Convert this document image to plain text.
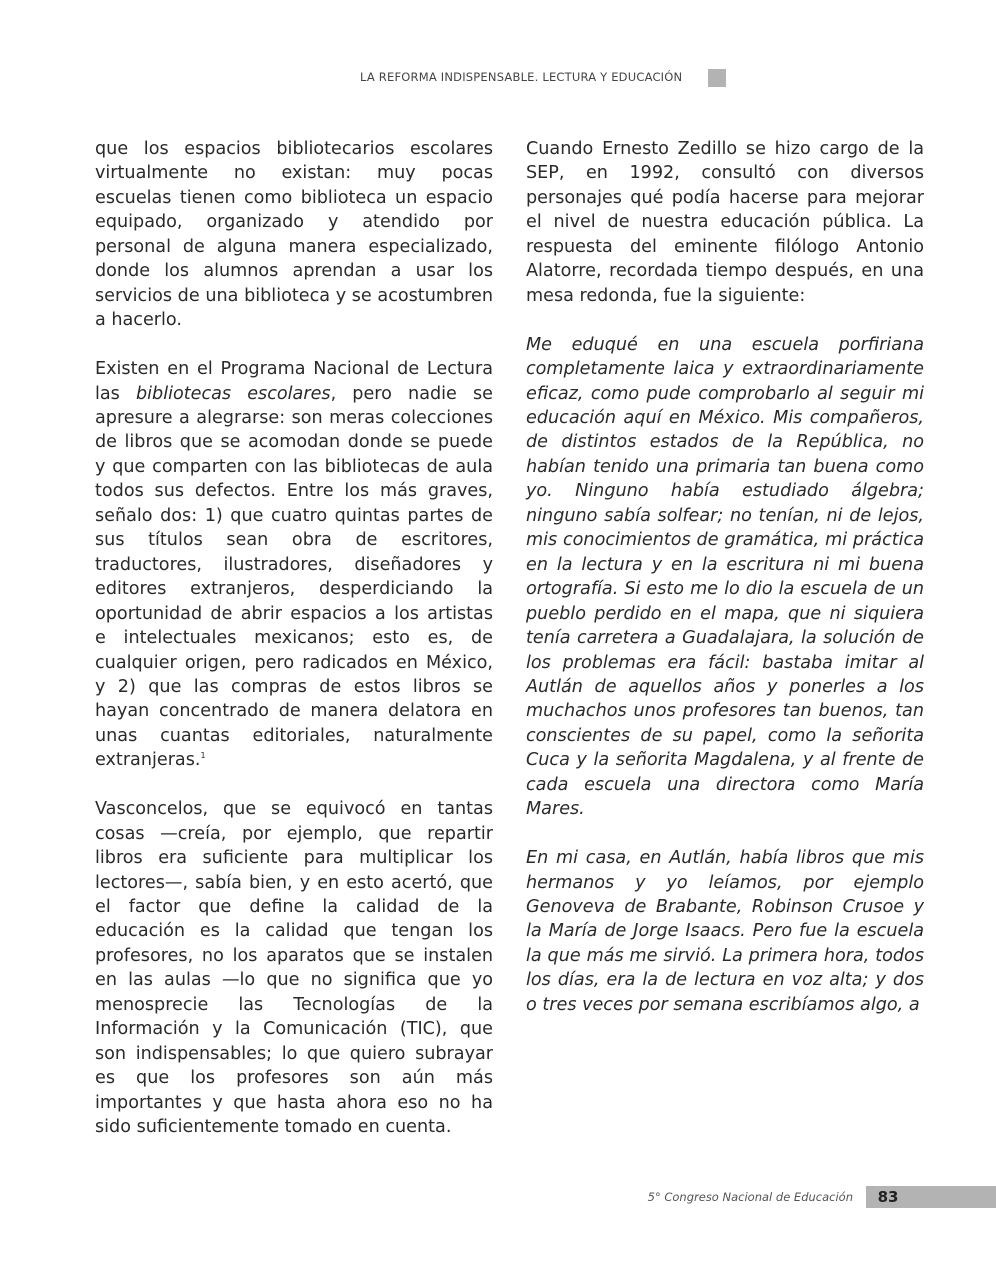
LA REFORMA INDISPENSABLE. LECTURA Y EDUCACIÓN

que los espacios bibliotecarios escolares virtualmente no existan: muy pocas escuelas tienen como biblioteca un espacio equipado, organizado y atendido por personal de alguna manera especializado, donde los alumnos aprendan a usar los servicios de una biblioteca y se acostumbren a hacerlo.

Existen en el Programa Nacional de Lectura las bibliotecas escolares, pero nadie se apresure a alegrarse: son meras colecciones de libros que se acomodan donde se puede y que comparten con las bibliotecas de aula todos sus defectos. Entre los más graves, señalo dos: 1) que cuatro quintas partes de sus títulos sean obra de escritores, traductores, ilustradores, diseñadores y editores extranjeros, desperdiciando la oportunidad de abrir espacios a los artistas e intelectuales mexicanos; esto es, de cualquier origen, pero radicados en México, y 2) que las compras de estos libros se hayan concentrado de manera delatora en unas cuantas editoriales, naturalmente extranjeras.$^1$

Vasconcelos, que se equivocó en tantas cosas —creía, por ejemplo, que repartir libros era suficiente para multiplicar los lectores—, sabía bien, y en esto acertó, que el factor que define la calidad de la educación es la calidad que tengan los profesores, no los aparatos que se instalen en las aulas —lo que no significa que yo menosprecie las Tecnologías de la Información y la Comunicación (TIC), que son indispensables; lo que quiero subrayar es que los profesores son aún más importantes y que hasta ahora eso no ha sido suficientemente tomado en cuenta.

Cuando Ernesto Zedillo se hizo cargo de la SEP, en 1992, consultó con diversos personajes qué podía hacerse para mejorar el nivel de nuestra educación pública. La respuesta del eminente filólogo Antonio Alatorre, recordada tiempo después, en una mesa redonda, fue la siguiente:

Me eduqué en una escuela porfiriana completamente laica y extraordinariamente eficaz, como pude comprobarlo al seguir mi educación aquí en México. Mis compañeros, de distintos estados de la República, no habían tenido una primaria tan buena como yo. Ninguno había estudiado álgebra; ninguno sabía solfear; no tenían, ni de lejos, mis conocimientos de gramática, mi práctica en la lectura y en la escritura ni mi buena ortografía. Si esto me lo dio la escuela de un pueblo perdido en el mapa, que ni siquiera tenía carretera a Guadalajara, la solución de los problemas era fácil: bastaba imitar al Autlán de aquellos años y ponerles a los muchachos unos profesores tan buenos, tan conscientes de su papel, como la señorita Cuca y la señorita Magdalena, y al frente de cada escuela una directora como María Mares.

En mi casa, en Autlán, había libros que mis hermanos y yo leíamos, por ejemplo Genoveva de Brabante, Robinson Crusoe y la María de Jorge Isaacs. Pero fue la escuela la que más me sirvió. La primera hora, todos los días, era la de lectura en voz alta; y dos o tres veces por semana escribíamos algo, a

5° Congreso Nacional de Educación	83
